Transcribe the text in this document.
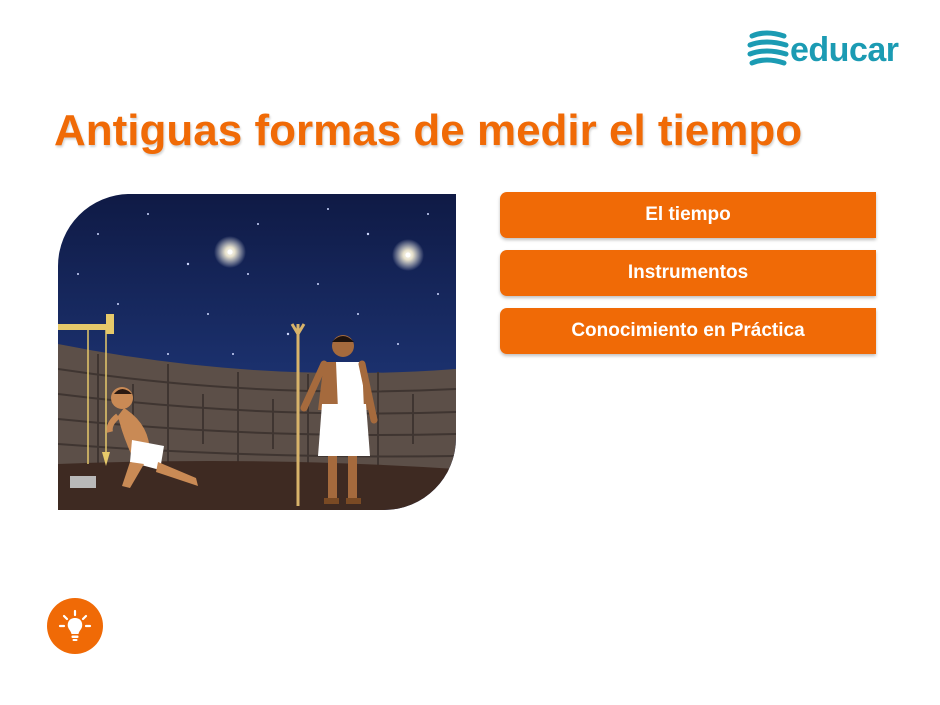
educar
Antiguas formas de medir el tiempo
El tiempo
Instrumentos
Conocimiento en Práctica
